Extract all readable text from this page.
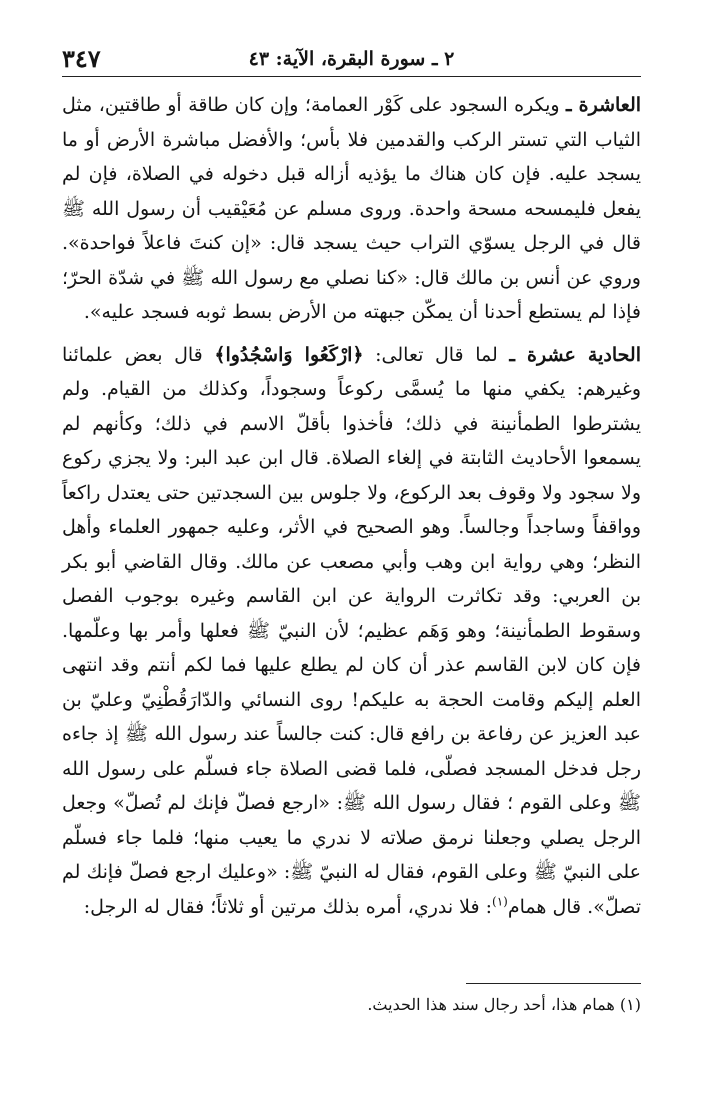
٢ ـ سورة البقرة، الآية: ٤٣
٣٤٧

العاشرة ـ ويكره السجود على كَوْر العمامة؛ وإن كان طاقة أو طاقتين، مثل الثياب التي تستر الركب والقدمين فلا بأس؛ والأفضل مباشرة الأرض أو ما يسجد عليه. فإن كان هناك ما يؤذيه أزاله قبل دخوله في الصلاة، فإن لم يفعل فليمسحه مسحة واحدة. وروى مسلم عن مُعَيْقيب أن رسول الله ﷺ قال في الرجل يسوّي التراب حيث يسجد قال: «إن كنتَ فاعلاً فواحدة». وروي عن أنس بن مالك قال: «كنا نصلي مع رسول الله ﷺ في شدّة الحرّ؛ فإذا لم يستطع أحدنا أن يمكّن جبهته من الأرض بسط ثوبه فسجد عليه».

الحادية عشرة ـ لما قال تعالى: ﴿ارْكَعُوا وَاسْجُدُوا﴾ قال بعض علمائنا وغيرهم: يكفي منها ما يُسمَّى ركوعاً وسجوداً، وكذلك من القيام. ولم يشترطوا الطمأنينة في ذلك؛ فأخذوا بأقلّ الاسم في ذلك؛ وكأنهم لم يسمعوا الأحاديث الثابتة في إلغاء الصلاة. قال ابن عبد البر: ولا يجزي ركوع ولا سجود ولا وقوف بعد الركوع، ولا جلوس بين السجدتين حتى يعتدل راكعاً وواقفاً وساجداً وجالساً. وهو الصحيح في الأثر، وعليه جمهور العلماء وأهل النظر؛ وهي رواية ابن وهب وأبي مصعب عن مالك. وقال القاضي أبو بكر بن العربي: وقد تكاثرت الرواية عن ابن القاسم وغيره بوجوب الفصل وسقوط الطمأنينة؛ وهو وَهَم عظيم؛ لأن النبيّ ﷺ فعلها وأمر بها وعلّمها. فإن كان لابن القاسم عذر أن كان لم يطلع عليها فما لكم أنتم وقد انتهى العلم إليكم وقامت الحجة به عليكم! روى النسائي والدّارَقُطْنِيّ وعليّ بن عبد العزيز عن رفاعة بن رافع قال: كنت جالساً عند رسول الله ﷺ إذ جاءه رجل فدخل المسجد فصلّى، فلما قضى الصلاة جاء فسلّم على رسول الله ﷺ وعلى القوم ؛ فقال رسول الله ﷺ: «ارجع فصلّ فإنك لم تُصلّ» وجعل الرجل يصلي وجعلنا نرمق صلاته لا ندري ما يعيب منها؛ فلما جاء فسلّم على النبيّ ﷺ وعلى القوم، فقال له النبيّ ﷺ: «وعليك ارجع فصلّ فإنك لم تصلّ». قال همام$^{(١)}$: فلا ندري، أمره بذلك مرتين أو ثلاثاً؛ فقال له الرجل:

(١) همام هذا، أحد رجال سند هذا الحديث.
